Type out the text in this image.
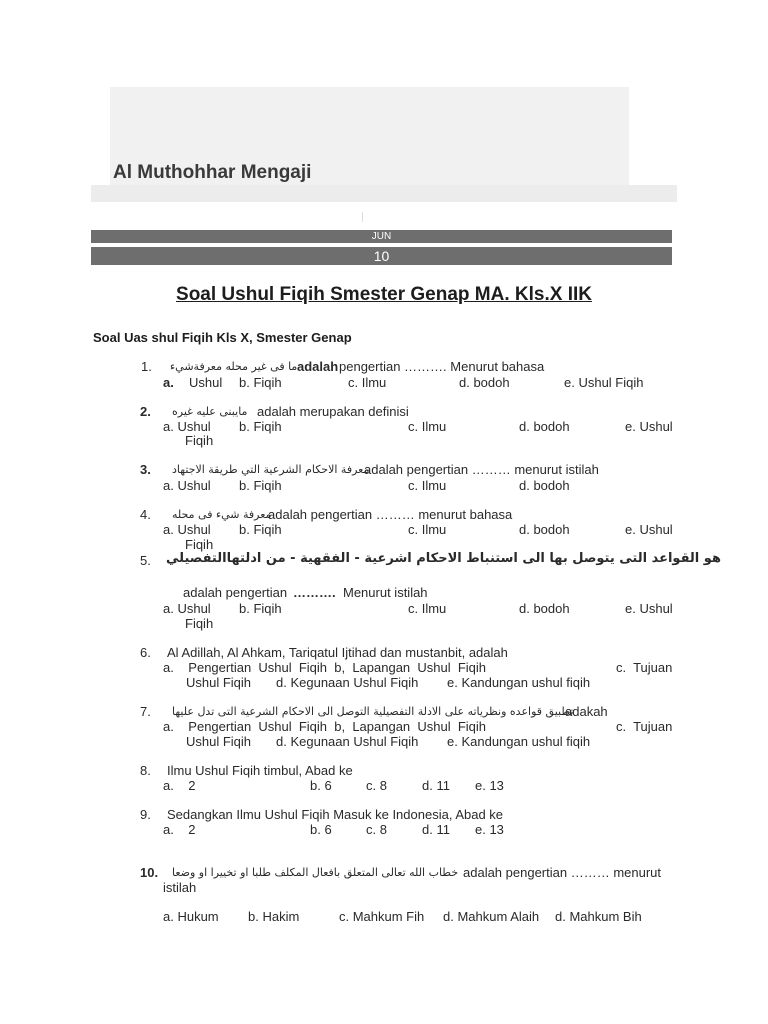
Al Muthohhar Mengaji
JUN
10
Soal Ushul Fiqih Smester Genap MA. Kls.X IIK
Soal Uas shul Fiqih Kls X, Smester Genap
1. ما فى غير محله معرفةشيء adalah pengertian ………. Menurut bahasa
a. Ushul b. Fiqih	c. Ilmu	d. bodoh	e. Ushul Fiqih
2. مايبنى عليه غيره adalah merupakan definisi
a. Ushul b. Fiqih	c. Ilmu	d. bodoh	e. Ushul
Fiqih
3. معرفة الاحكام الشرعية التي طريقة الاجتهاد
adalah pengertian ……… menurut istilah
a. Ushul b. Fiqih	c. Ilmu	d. bodoh
4. معرفة شيء فى محله
adalah pengertian ……… menurut bahasa
a. Ushul b. Fiqih	c. Ilmu	d. bodoh	e. Ushul
Fiqih
5. هو القواعد التى يتوصل بها الى استنباط الاحكام اشرعية - الفقهية - من ادلتهاالتفصيلي
adalah pengertian ………. Menurut istilah
a. Ushul b. Fiqih	c. Ilmu	d. bodoh	e. Ushul
Fiqih
6. Al Adillah, Al Ahkam, Tariqatul Ijtihad dan mustanbit, adalah
a.    Pengertian  Ushul  Fiqih  b,  Lapangan  Ushul  Fiqih	c.  Tujuan
Ushul Fiqih d. Kegunaan Ushul Fiqih e. Kandungan ushul fiqih
7. تطبيق قواعده ونظرياته على الادلة التفصيلية التوصل الى الاحكام الشرعية التى تدل عليها
adakah
a.    Pengertian  Ushul  Fiqih  b,  Lapangan  Ushul  Fiqih	c.  Tujuan
Ushul Fiqih d. Kegunaan Ushul Fiqih e. Kandungan ushul fiqih
8. Ilmu Ushul Fiqih timbul, Abad ke
a.    2	b. 6	c. 8	d. 11 e. 13
9. Sedangkan Ilmu Ushul Fiqih Masuk ke Indonesia, Abad ke
a.    2	b. 6	c. 8	d. 11 e. 13
10. خطاب الله تعالى المتعلق بافعال المكلف طلبا او تخييرا او وضعا adalah pengertian ……… menurut
istilah
a. Hukum b. Hakim	c. Mahkum Fih d. Mahkum Alaih d. Mahkum Bih
